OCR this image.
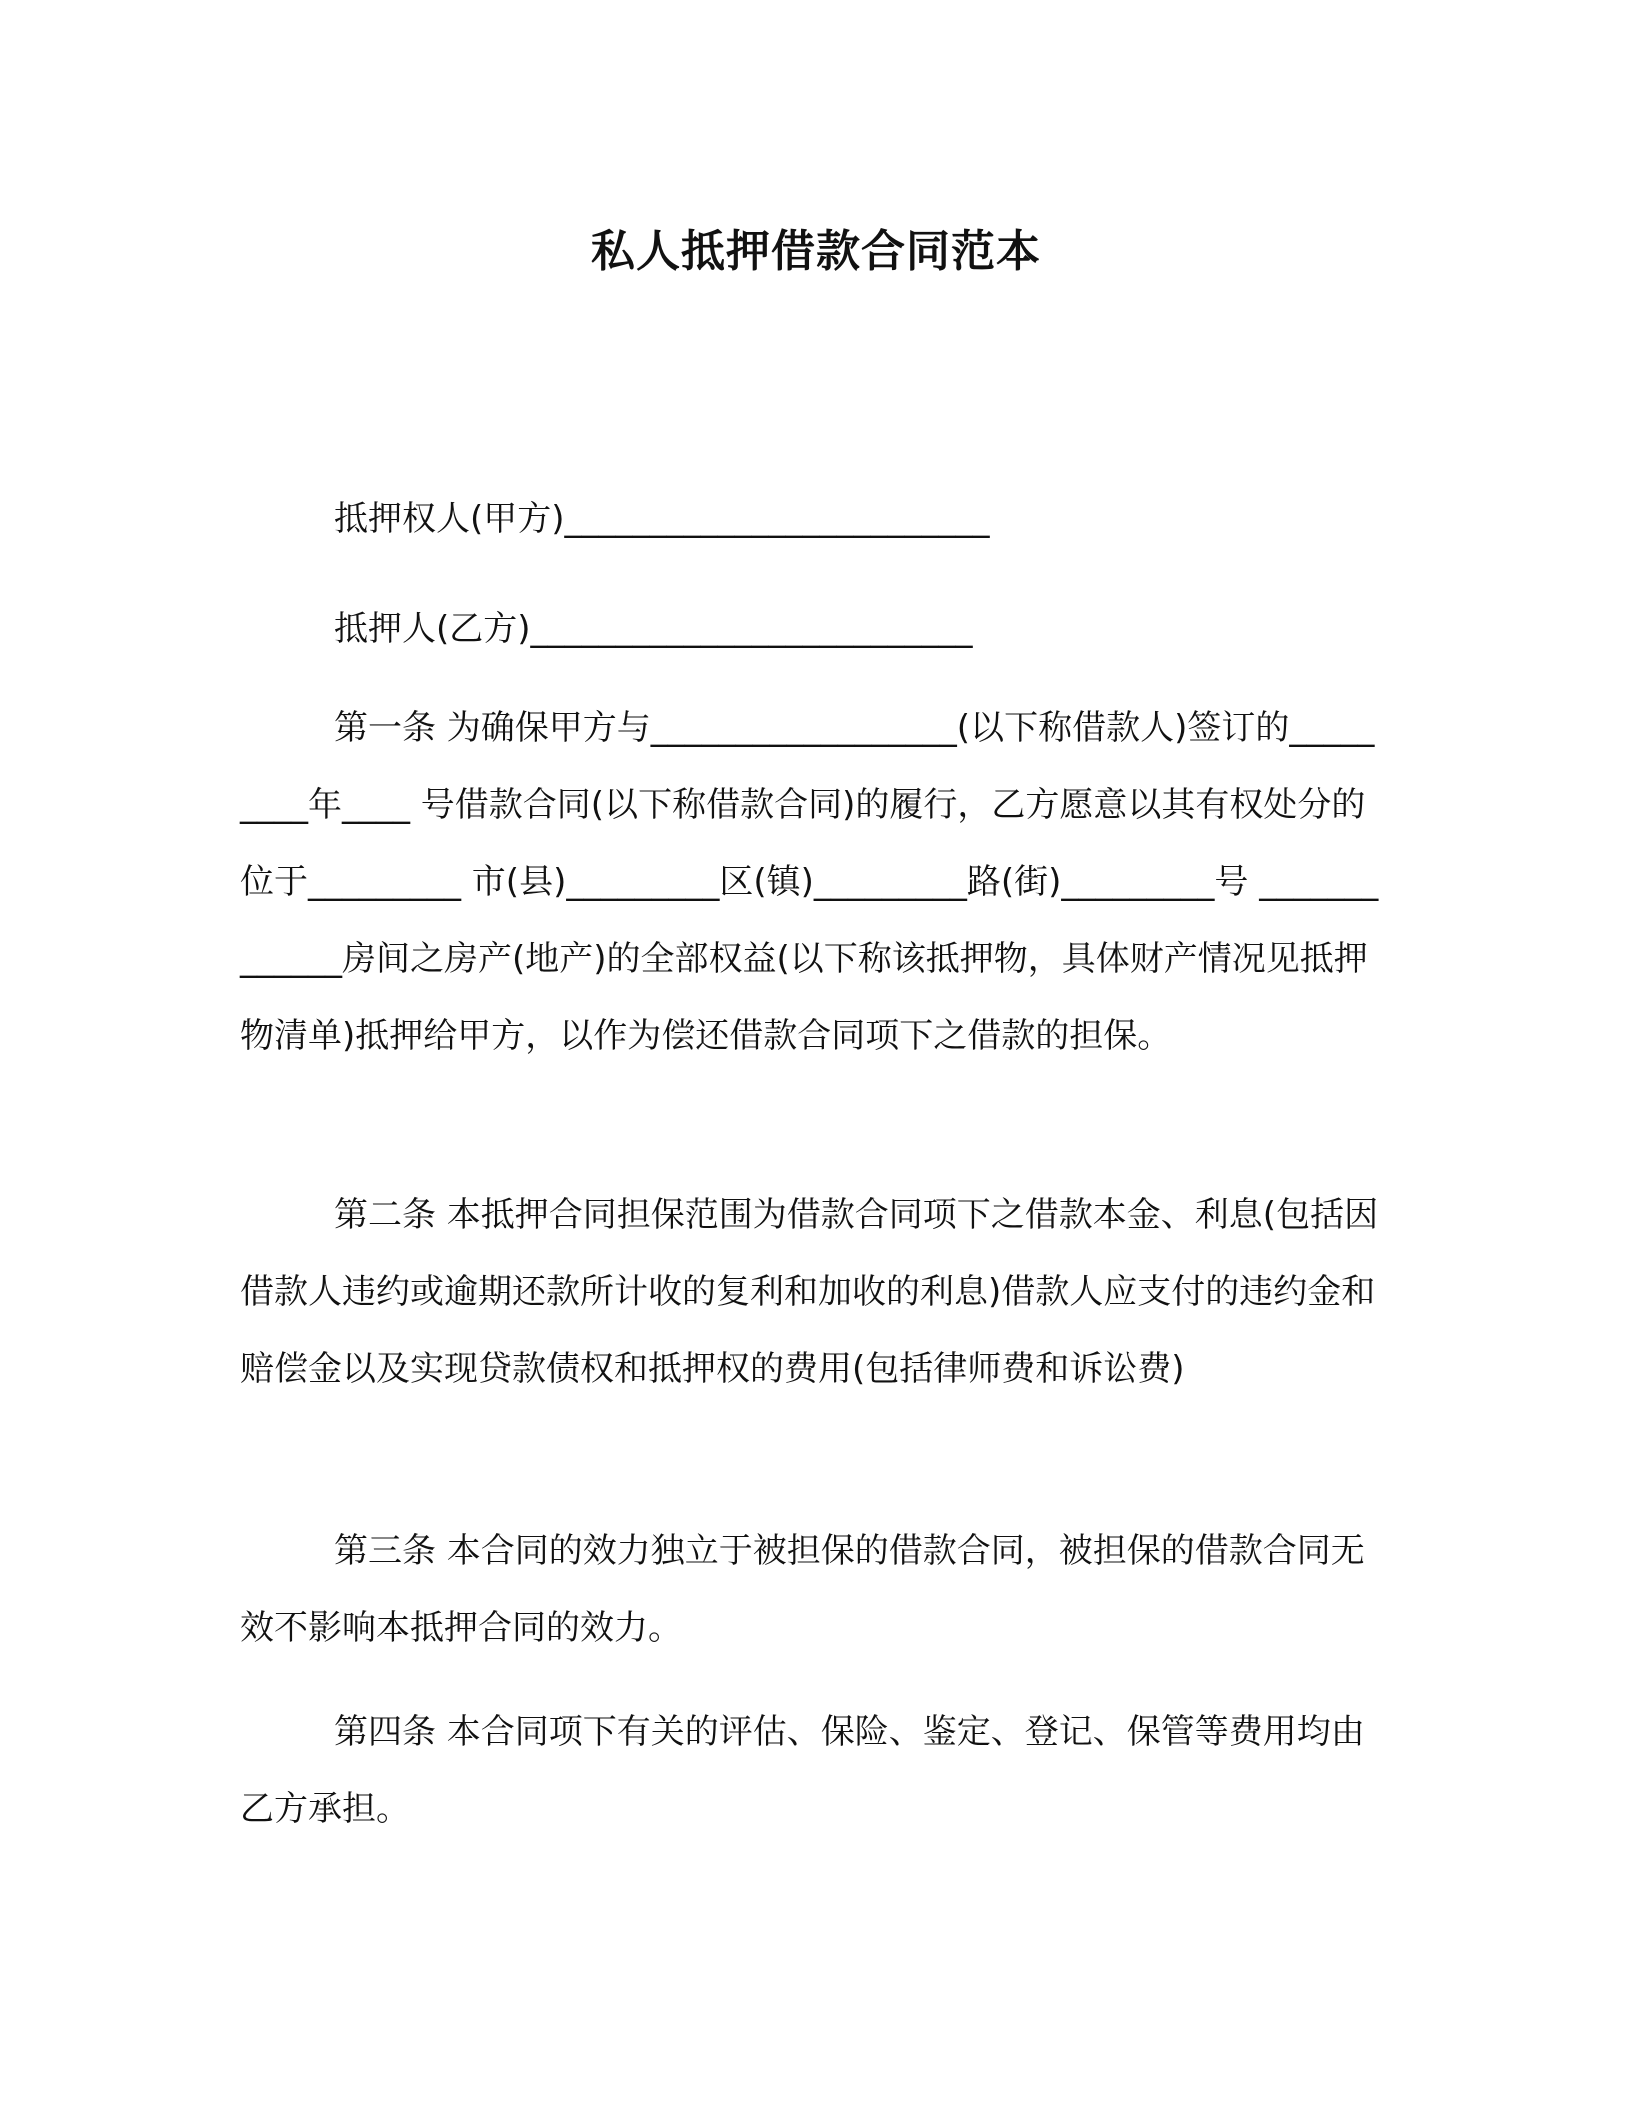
私人抵押借款合同范本
抵押权人(甲方)_________________________
抵押人(乙方)__________________________

第一条 为确保甲方与__________________(以下称借款人)签订的_________年____ 号借款合同(以下称借款合同)的履行，乙方愿意以其有权处分的位于_________ 市(县)_________区(镇)_________路(街)_________号 _____________房间之房产(地产)的全部权益(以下称该抵押物，具体财产情况见抵押物清单)抵押给甲方，以作为偿还借款合同项下之借款的担保。

第二条 本抵押合同担保范围为借款合同项下之借款本金、利息(包括因借款人违约或逾期还款所计收的复利和加收的利息)借款人应支付的违约金和赔偿金以及实现贷款债权和抵押权的费用(包括律师费和诉讼费)

第三条 本合同的效力独立于被担保的借款合同，被担保的借款合同无效不影响本抵押合同的效力。

第四条 本合同项下有关的评估、保险、鉴定、登记、保管等费用均由乙方承担。
